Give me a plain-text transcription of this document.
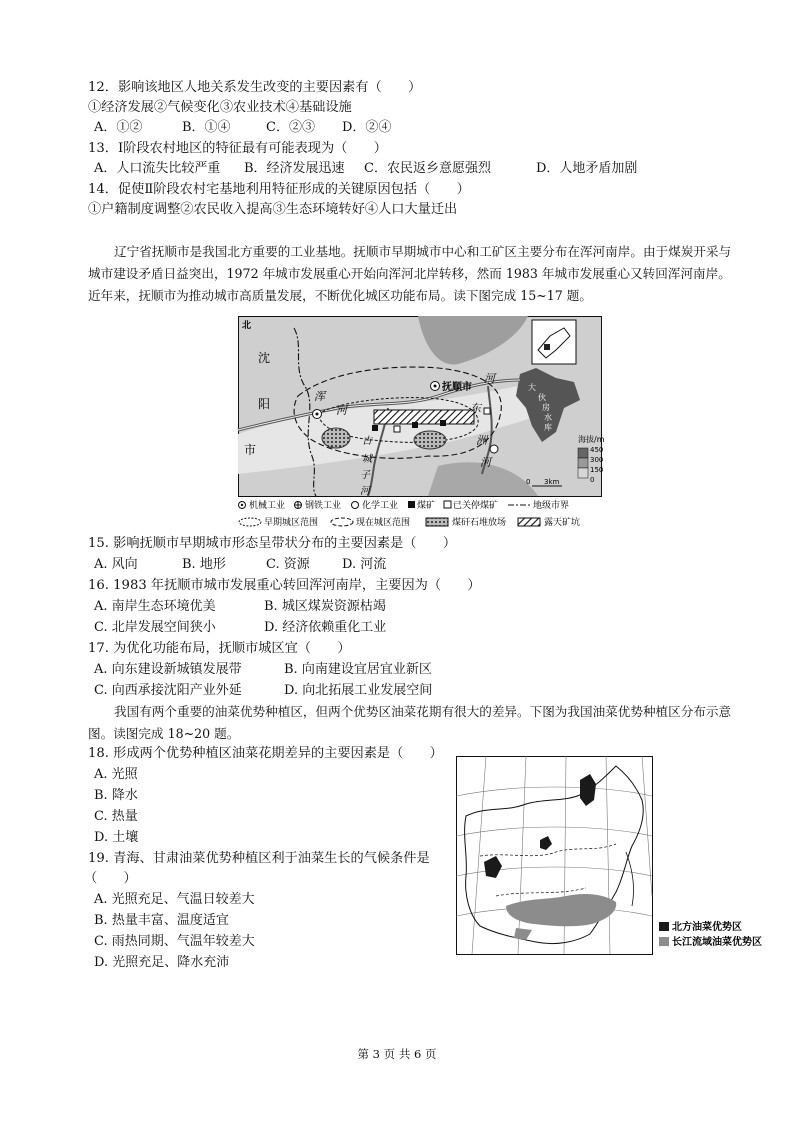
12．影响该地区人地关系发生改变的主要因素有（　　）
①经济发展②气候变化③农业技术④基础设施
A．①②	B．①④	C．②③ D．②④
13．Ⅰ阶段农村地区的特征最有可能表现为（　　）
A．人口流失比较严重 B．经济发展迅速 C．农民返乡意愿强烈	D．人地矛盾加剧
14．促使Ⅱ阶段农村宅基地利用特征形成的关键原因包括（　　）
①户籍制度调整②农民收入提高③生态环境转好④人口大量迁出
辽宁省抚顺市是我国北方重要的工业基地。抚顺市早期城市中心和工矿区主要分布在浑河南岸。由于煤炭开采与城市建设矛盾日益突出，1972 年城市发展重心开始向浑河北岸转移，然而 1983 年城市发展重心又转回浑河南岸。近年来，抚顺市为推动城市高质量发展，不断优化城区功能布局。读下图完成 15~17 题。
北
沈
阳
市
抚顺市
浑
河
河
东
洲
河
古
城
子
河
大
伙
房
水
库
海拔/m
450
300
150
0
0 3km
机械工业 钢铁工业 化学工业 煤矿 已关停煤矿	地级市界
早期城区范围	现在城区范围	煤矸石堆放场	露天矿坑
15. 影响抚顺市早期城市形态呈带状分布的主要因素是（　　）
A. 风向	B. 地形	C. 资源 D. 河流
16. 1983 年抚顺市城市发展重心转回浑河南岸，主要因为（　　）
A. 南岸生态环境优美	B. 城区煤炭资源枯竭
C. 北岸发展空间狭小	D. 经济依赖重化工业
17. 为优化功能布局，抚顺市城区宜（　　）
A. 向东建设新城镇发展带	B. 向南建设宜居宜业新区
C. 向西承接沈阳产业外延	D. 向北拓展工业发展空间
我国有两个重要的油菜优势种植区，但两个优势区油菜花期有很大的差异。下图为我国油菜优势种植区分布示意图。读图完成 18~20 题。
18. 形成两个优势种植区油菜花期差异的主要因素是（　　）
A. 光照
B. 降水
C. 热量
D. 土壤
19. 青海、甘肃油菜优势种植区利于油菜生长的气候条件是
（　　）
A. 光照充足、气温日较差大
B. 热量丰富、温度适宜
C. 雨热同期、气温年较差大
D. 光照充足、降水充沛
北方油菜优势区
长江流域油菜优势区
第 3 页 共 6 页
